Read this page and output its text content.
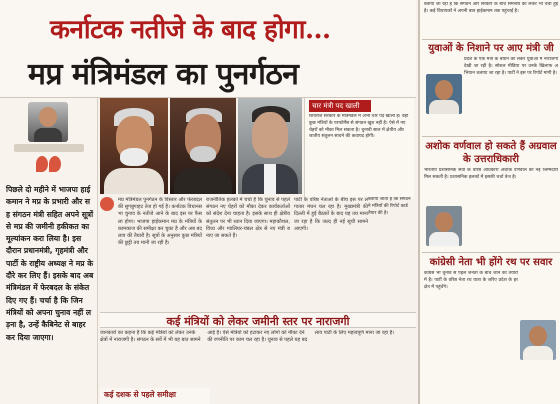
कर्नाटक नतीजे के बाद होगा...
मप्र मंत्रिमंडल का पुनर्गठन
पिछले दो महीने में भाजपा हाईकमान ने मप्र के प्रभारी और सह संगठन मंत्री सहित अपने सूत्रों से मप्र की जमीनी हकीकत का मूल्यांकन करा लिया है। इस दौरान प्रधानमंत्री, गृहमंत्री और पार्टी के राष्ट्रीय अध्यक्ष ने मप्र के दौरे कर लिए हैं। इसके बाद अब मंत्रिमंडल में फेरबदल के संकेत दिए गए हैं। चर्चा है कि जिन मंत्रियों को अपना चुनाव नहीं लड़ना है, उन्हें कैबिनेट से बाहर कर दिया जाएगा।
चार मंत्री पद खाली
शिवराज सरकार के मंत्रिमंडल में अभी चार पद खाली हैं। वहीं कुछ मंत्रियों के परफॉर्मेंस से संगठन खुश नहीं है। ऐसे में नए चेहरों को मौका मिल सकता है। चुनावी साल में क्षेत्रीय और जातीय संतुलन साधने की कवायद होगी।
मप्र मंत्रिमंडल पुनर्गठन के विस्तार और फेरबदल की सुगबुगाहट तेज हो गई है। कर्नाटक विधानसभा चुनाव के नतीजे आने के बाद इस पर फैसला होगा। भाजपा हाईकमान मप्र के मंत्रियों के कामकाज की समीक्षा कर चुका है और अब बदलाव की तैयारी है। सूत्रों के अनुसार कुछ मंत्रियों की छुट्टी तय मानी जा रही है।
राजनीतिक हलकों में चर्चा है कि चुनाव से पहले संगठन नए चेहरों को मौका देकर कार्यकर्ताओं को संदेश देना चाहता है। इसके साथ ही क्षेत्रीय संतुलन पर भी ध्यान दिया जाएगा। महाकौशल, विंध्य और ग्वालियर-चंबल क्षेत्र से नए मंत्री बनाए जा सकते हैं।
पार्टी के वरिष्ठ नेताओं के बीच इस पर लगातार मंथन चल रहा है। मुख्यमंत्री की दिल्ली में हुई बैठकों के बाद यह तय माना जा रहा है कि जल्द ही नई सूची सामने आएगी।
बताया जाता है कि संगठन ने मंत्रियों की रिपोर्ट कार्ड तैयार की है।
कई मंत्रियों को लेकर जमीनी स्तर पर नाराजगी
जानकारों का कहना है कि कई मंत्रियों को लेकर उनके क्षेत्रों में नाराजगी है। संगठन के सर्वे में भी यह बात सामने आई है। ऐसे मंत्रियों को हटाकर नए लोगों को मौका देने की रणनीति पर काम चल रहा है। चुनाव से पहले यह बदलाव पार्टी के लिए महत्वपूर्ण माना जा रहा है।
कई दशक से पहले समीक्षा
बताया जा रहा है कि संगठन और सरकार के बीच समन्वय को लेकर भी चर्चा हुई है। कई विधायकों ने अपनी बात हाईकमान तक पहुंचाई है।
युवाओं के निशाने पर आए मंत्री जी
प्रदेश के एक मंत्री के बयान को लेकर युवाओं में नाराजगी देखी जा रही है। सोशल मीडिया पर उनके खिलाफ अभियान चलाया जा रहा है। पार्टी ने इस पर रिपोर्ट मांगी है।
अशोक वर्णवाल हो सकते हैं अग्रवाल के उत्तराधिकारी
भारतीय प्रशासनिक सेवा के वरिष्ठ अधिकारी अशोक वर्णवाल को नई जिम्मेदारी मिल सकती है। प्रशासनिक हलकों में इसकी चर्चा तेज है।
कांग्रेसी नेता भी होंगे रथ पर सवार
कांग्रेस भी चुनाव से पहले जनता के बीच जाने की तैयारी में है। पार्टी के वरिष्ठ नेता रथ यात्रा के जरिए प्रदेश के हर क्षेत्र में पहुंचेंगे।
